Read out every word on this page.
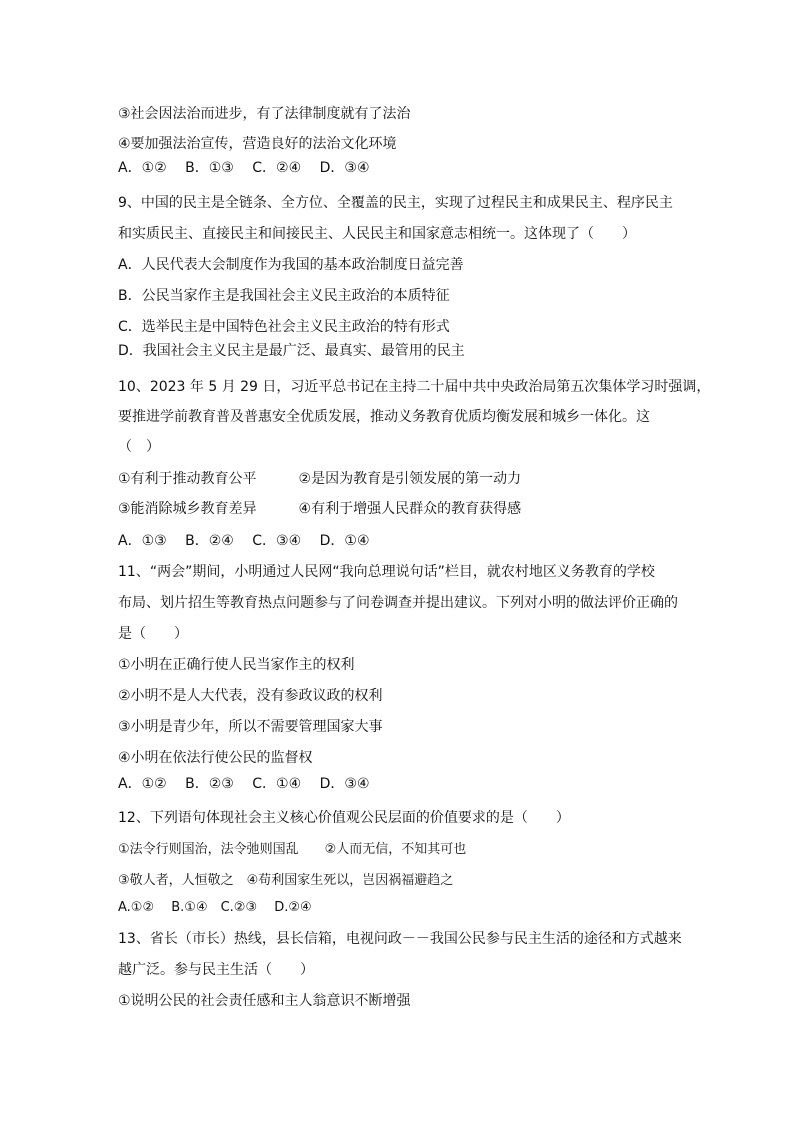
③社会因法治而进步，有了法律制度就有了法治
④要加强法治宣传，营造良好的法治文化环境
A．①②　 B．①③　 C．②④　 D．③④
9、中国的民主是全链条、全方位、全覆盖的民主，实现了过程民主和成果民主、程序民主
和实质民主、直接民主和间接民主、人民民主和国家意志相统一。这体现了（　　）
A．人民代表大会制度作为我国的基本政治制度日益完善
B．公民当家作主是我国社会主义民主政治的本质特征
C．选举民主是中国特色社会主义民主政治的特有形式
D．我国社会主义民主是最广泛、最真实、最管用的民主
10、2023 年 5 月 29 日，习近平总书记在主持二十届中共中央政治局第五次集体学习时强调，
要推进学前教育普及普惠安全优质发展，推动义务教育优质均衡发展和城乡一体化。这
（　）
①有利于推动教育公平　　　②是因为教育是引领发展的第一动力
③能消除城乡教育差异　　　④有利于增强人民群众的教育获得感
A．①③　 B．②④　 C．③④　 D．①④
11、“两会”期间，小明通过人民网“我向总理说句话”栏目，就农村地区义务教育的学校
布局、划片招生等教育热点问题参与了问卷调查并提出建议。下列对小明的做法评价正确的
是（　　）
①小明在正确行使人民当家作主的权利
②小明不是人大代表，没有参政议政的权利
③小明是青少年，所以不需要管理国家大事
④小明在依法行使公民的监督权
A．①②　 B．②③　 C．①④　 D．③④
12、下列语句体现社会主义核心价值观公民层面的价值要求的是（　　）
①法令行则国治，法令弛则国乱　　②人而无信，不知其可也
③敬人者，人恒敬之　④苟利国家生死以，岂因祸福避趋之
A.①②　 B.①④　C.②③　 D.②④
13、省长（市长）热线，县长信箱，电视问政－－我国公民参与民主生活的途径和方式越来
越广泛。参与民主生活（　　）
①说明公民的社会责任感和主人翁意识不断增强
